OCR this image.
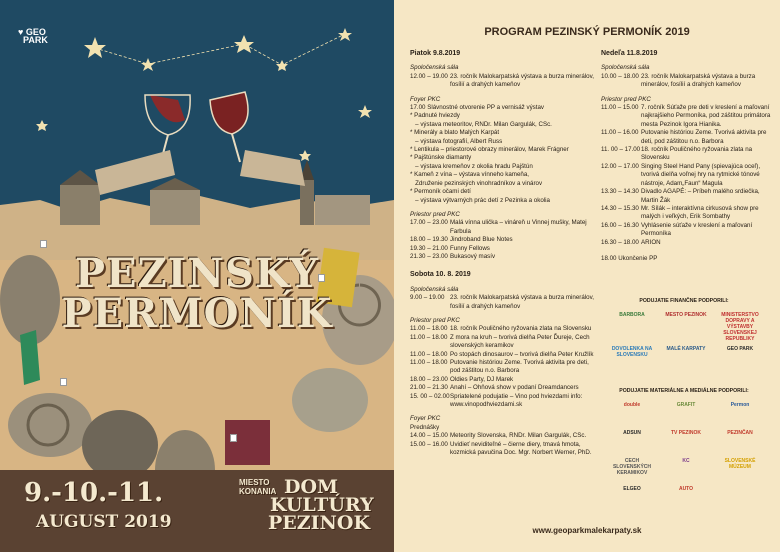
♥ GEO
PARK

PEZINSKÝ
PERMONÍK
9.-10.-11.
AUGUST 2019
MIESTO
KONANIA DOM
KULTÚRY
PEZINOK
PROGRAM PEZINSKÝ PERMONÍK 2019
Piatok 9.8.2019
Spoločenská sála
12.00 – 19.00 23. ročník Malokarpatská výstava a burza minerálov, fosílií a drahých kameňov
Foyer PKC
17.00 Slávnostné otvorenie PP a vernisáž výstav
* Padnuté hviezdy
– výstava meteoritov, RNDr. Milan Gargulák, CSc.
* Minerály a blato Malých Karpát
– výstava fotografií, Albert Russ
* Lentikula – priestorové obrazy minerálov, Marek Frágner
* Pajštúnske diamanty
– výstava kremeňov z okolia hradu Pajštún
* Kameň z vína – výstava vínneho kameňa,
Združenie pezinských vinohradníkov a vinárov
* Permoník očami detí
– výstava výtvarných prác detí z Pezinka a okolia
Priestor pred PKC
17.00 – 23.00 Malá vínna ulička – vináreň u Vinnej mušky, Matej Farbula
18.00 – 19.30 Jindroband Blue Notes
19.30 – 21.00 Funny Fellows
21.30 – 23.00 Bukasový masív
Sobota 10. 8. 2019
Spoločenská sála
9.00 – 19.00 23. ročník Malokarpatská výstava a burza minerálov, fosílií a drahých kameňov
Priestor pred PKC
11.00 – 18.00 18. ročník Pouličného ryžovania zlata na Slovensku
11.00 – 18.00 Z mora na kruh – tvorivá dielňa Peter Ďureje, Cech slovenských keramikov
11.00 – 18.00 Po stopách dinosaurov – tvorivá dielňa Peter Kružlík
11.00 – 18.00 Putovanie históriou Zeme. Tvorivá aktivita pre deti, pod záštitou n.o. Barbora
18.00 – 23.00 Oldies Party, DJ Marek
21.00 – 21.30 Anahí – Ohňová show v podaní Dreamdancers
15. 00 – 02.00 Spriatelené podujatie – Vino pod hviezdami info: www.vinopodhviezdami.sk
Foyer PKC
Prednášky
14.00 – 15.00 Meteority Slovenska, RNDr. Milan Gargulák, CSc.
15.00 – 16.00 Uvidieť neviditeľné – čierne diery, tmavá hmota, kozmická pavučina Doc. Mgr. Norbert Werner, PhD.
Nedeľa 11.8.2019
Spoločenská sála
10.00 – 18.00 23. ročník Malokarpatská výstava a burza minerálov, fosílií a drahých kameňov
Priestor pred PKC
11.00 – 15.00 7. ročník Súťaže pre deti v kreslení a maľovaní najkrajšieho Permoníka, pod záštitou primátora mesta Pezinok Igora Hianika.
11.00 – 16.00 Putovanie históriou Zeme. Tvorivá aktivita pre deti, pod záštitou n.o. Barbora
11. 00 – 17.00 18. ročník Pouličného ryžovania zlata na Slovensku
12.00 – 17.00 Singing Steel Hand Pany (spievajúca oceľ), tvorivá dielňa voľnej hry na rytmické tónové nástroje, Adam„Faun“ Magula
13.30 – 14.30 Divadlo AGAPÉ: – Príbeh malého srdiečka, Martin Žák
14.30 – 15.30 Mr. Sílák – interaktívna cirkusová show pre malých i veľkých, Erik Sombathy
16.00 – 16.30 Vyhlásenie súťaže v kreslení a maľovaní Permoníka
16.30 – 18.00 ARION
18.00 Ukončenie PP
PODUJATIE FINANČNE PODPORILI:
BARBORA	MESTO PEZINOK	MINISTERSTVO DOPRAVY A VÝSTAVBY SLOVENSKEJ REPUBLIKY
DOVOLENKA NA SLOVENSKU
MALÉ KARPATY	GEO PARK
PODUJATIE MATERIÁLNE A MEDIÁLNE PODPORILI:
double	GRAFIT	Permon
ADSUN	TV PEZINOK	PEZINČAN
CECH SLOVENSKÝCH KERAMIKOV
KC	SLOVENSKÉ MÚZEUM
ELGEO	AUTO
www.geoparkmalekarpaty.sk
